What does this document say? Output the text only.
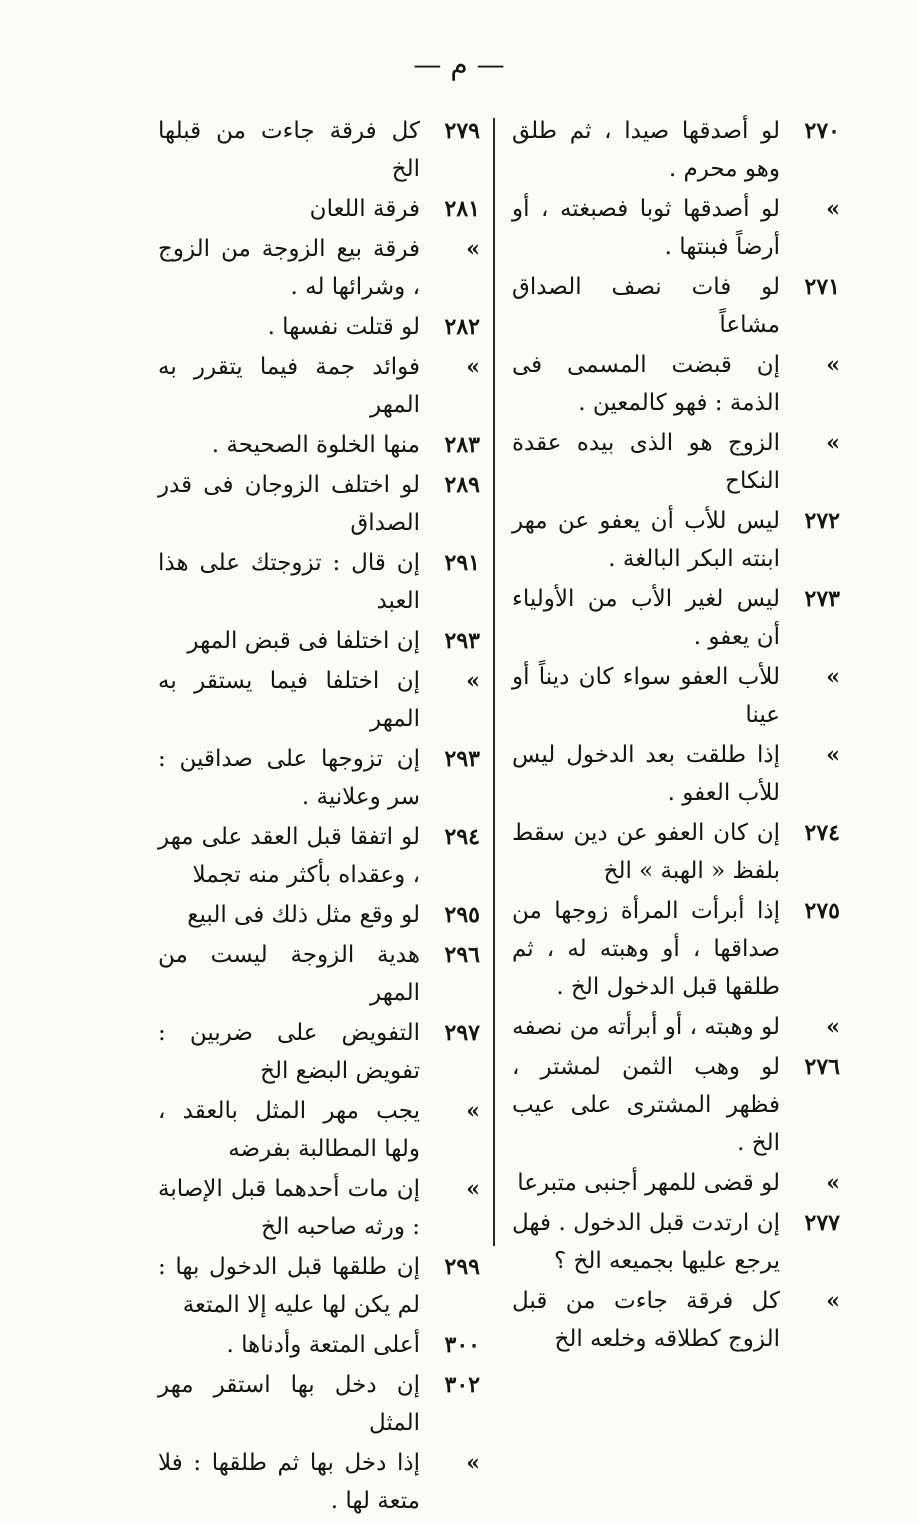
— م —
٢٧٠
لو أصدقها صيدا ، ثم طلق وهو محرم .
»
لو أصدقها ثوبا فصبغته ، أو أرضاً فبنتها .
٢٧١
لو فات نصف الصداق مشاعاً
»
إن قبضت المسمى فى الذمة : فهو كالمعين .
»
الزوج هو الذى بيده عقدة النكاح
٢٧٢
ليس للأب أن يعفو عن مهر ابنته البكر البالغة .
٢٧٣
ليس لغير الأب من الأولياء أن يعفو .
»
للأب العفو سواء كان ديناً أو عينا
»
إذا طلقت بعد الدخول ليس للأب العفو .
٢٧٤
إن كان العفو عن دين سقط بلفظ « الهبة » الخ
٢٧٥
إذا أبرأت المرأة زوجها من صداقها ، أو وهبته له ، ثم طلقها قبل الدخول الخ .
»
لو وهبته ، أو أبرأته من نصفه
٢٧٦
لو وهب الثمن لمشتر ، فظهر المشترى على عيب الخ .
»
لو قضى للمهر أجنبى متبرعا
٢٧٧
إن ارتدت قبل الدخول . فهل يرجع عليها بجميعه الخ ؟
»
كل فرقة جاءت من قبل الزوج كطلاقه وخلعه الخ
٢٧٩
كل فرقة جاءت من قبلها الخ
٢٨١
فرقة اللعان
»
فرقة بيع الزوجة من الزوج ، وشرائها له .
٢٨٢
لو قتلت نفسها .
»
فوائد جمة فيما يتقرر به المهر
٢٨٣
منها الخلوة الصحيحة .
٢٨٩
لو اختلف الزوجان فى قدر الصداق
٢٩١
إن قال : تزوجتك على هذا العبد
٢٩٣
إن اختلفا فى قبض المهر
»
إن اختلفا فيما يستقر به المهر
٢٩٣
إن تزوجها على صداقين : سر وعلانية .
٢٩٤
لو اتفقا قبل العقد على مهر ، وعقداه بأكثر منه تجملا
٢٩٥
لو وقع مثل ذلك فى البيع
٢٩٦
هدية الزوجة ليست من المهر
٢٩٧
التفويض على ضربين : تفويض البضع الخ
»
يجب مهر المثل بالعقد ، ولها المطالبة بفرضه
»
إن مات أحدهما قبل الإصابة : ورثه صاحبه الخ
٢٩٩
إن طلقها قبل الدخول بها : لم يكن لها عليه إلا المتعة
٣٠٠
أعلى المتعة وأدناها .
٣٠٢
إن دخل بها استقر مهر المثل
»
إذا دخل بها ثم طلقها : فلا متعة لها .
